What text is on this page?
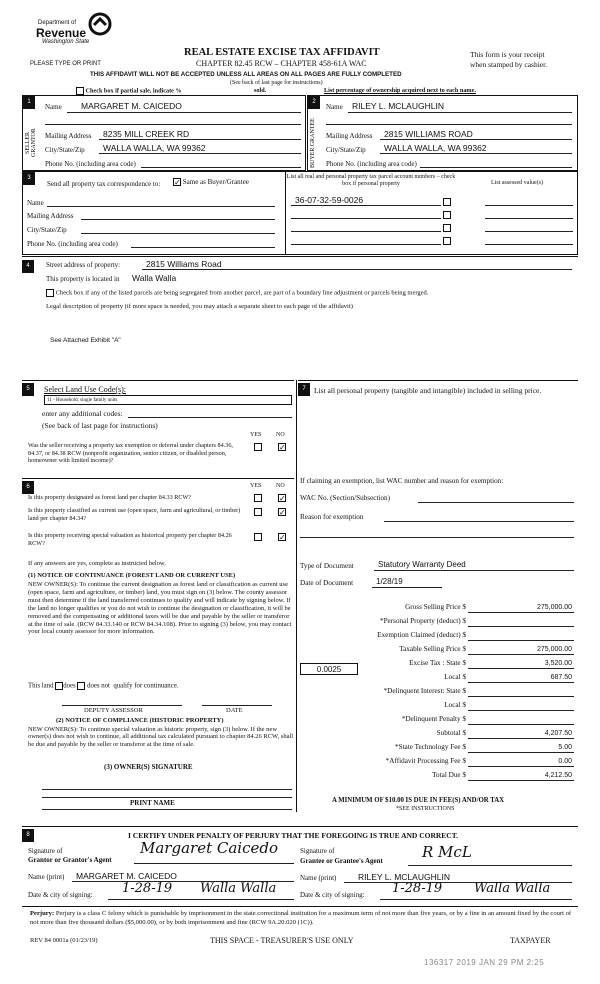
Department of
Revenue
Washington State
PLEASE TYPE OR PRINT
REAL ESTATE EXCISE TAX AFFIDAVIT
CHAPTER 82.45 RCW – CHAPTER 458-61A WAC
This form is your receipt
when stamped by cashier.
THIS AFFIDAVIT WILL NOT BE ACCEPTED UNLESS ALL AREAS ON ALL PAGES ARE FULLY COMPLETED
(See back of last page for instructions)
Check box if partial sale, indicate %	sold.	List percentage of ownership acquired next to each name.
1
SELLER GRANTOR
Name MARGARET M. CAICEDO
Mailing Address 8235 MILL CREEK RD
City/State/Zip WALLA WALLA, WA 99362
Phone No. (including area code)
2
BUYER GRANTEE
Name RILEY L. MCLAUGHLIN
Mailing Address 2815 WILLIAMS ROAD
City/State/Zip WALLA WALLA, WA 99362
Phone No. (including area code)
3
Send all property tax correspondence to:
✓	Same as Buyer/Grantee
Name
Mailing Address
City/State/Zip
Phone No. (including area code)
List all real and personal property tax parcel account numbers – check box if personal property	List assessed value(s)
36-07-32-59-0026
4	Street address of property:	2815 Williams Road
This property is located in Walla Walla
Check box if any of the listed parcels are being segregated from another parcel, are part of a boundary line adjustment or parcels being merged.
Legal description of property (if more space is needed, you may attach a separate sheet to each page of the affidavit)
See Attached Exhibit "A"
5	Select Land Use Code(s):
11 - Household, single family units
enter any additional codes:
(See back of last page for instructions)
YES NO
Was the seller receiving a property tax exemption or deferral under chapters 84.36, 84.37, or 84.38 RCW (nonprofit organization, senior citizen, or disabled person, homeowner with limited income)?
✓
6	YES NO
Is this property designated as forest land per chapter 84.33 RCW?
✓
Is this property classified as current use (open space, farm and agricultural, or timber) land per chapter 84.34?
✓
Is this property receiving special valuation as historical property per chapter 84.26 RCW?
✓
If any answers are yes, complete as instructed below.
(1) NOTICE OF CONTINUANCE (FOREST LAND OR CURRENT USE)
NEW OWNER(S): To continue the current designation as forest land or classification as current use (open space, farm and agriculture, or timber) land, you must sign on (3) below. The county assessor must then determine if the land transferred continues to qualify and will indicate by signing below. If the land no longer qualifies or you do not wish to continue the designation or classification, it will be removed and the compensating or additional taxes will be due and payable by the seller or transferor at the time of sale. (RCW 84.33.140 or RCW 84.34.108). Prior to signing (3) below, you may contact your local county assessor for more information.
This land does does not qualify for continuance.
DEPUTY ASSESSOR	DATE
(2) NOTICE OF COMPLIANCE (HISTORIC PROPERTY)
NEW OWNER(S): To continue special valuation as historic property, sign (3) below. If the new owner(s) does not wish to continue, all additional tax calculated pursuant to chapter 84.26 RCW, shall be due and payable by the seller or transferor at the time of sale.
(3) OWNER(S) SIGNATURE
PRINT NAME
7	List all personal property (tangible and intangible) included in selling price.
If claiming an exemption, list WAC number and reason for exemption:
WAC No. (Section/Subsection)
Reason for exemption
Type of Document	Statutory Warranty Deed
Date of Document	1/28/19
Gross Selling Price $	275,000.00
*Personal Property (deduct) $
Exemption Claimed (deduct) $
Taxable Selling Price $	275,000.00
Excise Tax : State $	3,520.00
Local $	687.50
*Delinquent Interest: State $
Local $
*Delinquent Penalty $
Subtotal $	4,207.50
*State Technology Fee $	5.00
*Affidavit Processing Fee $	0.00
Total Due $	4,212.50
0.0025
A MINIMUM OF $10.00 IS DUE IN FEE(S) AND/OR TAX
*SEE INSTRUCTIONS
8	I CERTIFY UNDER PENALTY OF PERJURY THAT THE FOREGOING IS TRUE AND CORRECT.
Signature of
Grantor or Grantor's Agent
Margaret Caicedo
Name (print) MARGARET M. CAICEDO
Date & city of signing: 1-28-19 Walla Walla
Signature of
Grantee or Grantee's Agent	R McL
Name (print)	RILEY L. MCLAUGHLIN
Date & city of signing: 1-28-19 Walla Walla
Perjury: Perjury is a class C felony which is punishable by imprisonment in the state correctional institution for a maximum term of not more than five years, or by a fine in an amount fixed by the court of not more than five thousand dollars ($5,000.00), or by both imprisonment and fine (RCW 9A.20.020 (1C)).
REV 84 0001a (01/23/19)	THIS SPACE - TREASURER'S USE ONLY	TAXPAYER
136317 2019 JAN 29 PM 2:25
